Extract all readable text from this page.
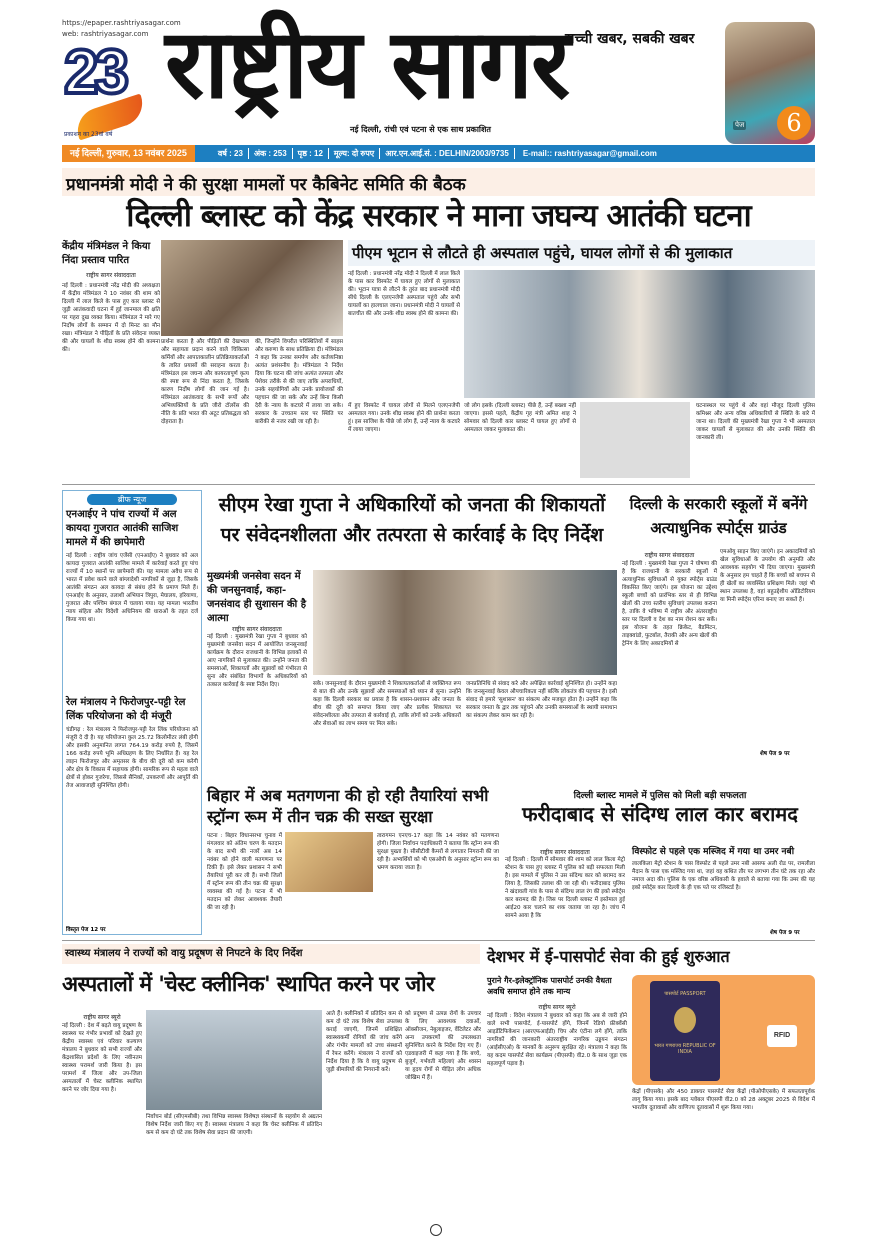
https://epaper.rashtriyasagar.com
web: rashtriyasagar.com
23
प्रकाशन का 23वां वर्ष
राष्ट्रीय सागर
सच्ची खबर, सबकी खबर
नई दिल्ली, रांची एवं पटना से एक साथ प्रकाशित	पेज	6
नई दिल्ली, गुरुवार, 13 नवंबर 2025	वर्ष : 23	अंक : 253	पृष्ठ : 12	मूल्य: दो रुपए	आर.एन.आई.सं. : DELHIN/2003/9735	E-mail:: rashtriyasagar@gmail.com
प्रधानमंत्री मोदी ने की सुरक्षा मामलों पर कैबिनेट समिति की बैठक
दिल्ली ब्लास्ट को केंद्र सरकार ने माना जघन्य आतंकी घटना
केंद्रीय मंत्रिमंडल ने किया निंदा प्रस्ताव पारित
राष्ट्रीय सागर संवाददाता
नई दिल्ली : प्रधानमंत्री नरेंद्र मोदी की अध्यक्षता में केंद्रीय मंत्रिमंडल ने 10 नवंबर की शाम को दिल्ली में लाल किले के पास हुए कार ब्लास्ट से जुड़ी आतंकवादी घटना में हुई जानमाल की क्षति पर गहरा दुख व्यक्त किया। मंत्रिमंडल ने मारे गए निर्दोष लोगों के सम्मान में दो मिनट का मौन रखा। मंत्रिमंडल ने पीड़ितों के प्रति संवेदना व्यक्त की और घायलों के शीघ्र स्वस्थ होने की कामना की।
प्रार्थना करता है और पीड़ितों की देखभाल और सहायता प्रदान करने वाले चिकित्सा कर्मियों और आपातकालीन प्रतिक्रियाकर्ताओं के त्वरित प्रयासों की सराहना करता है। मंत्रिमंडल इस जघन्य और कायरतापूर्ण कृत्य की स्पष्ट रूप से निंदा करता है, जिसके कारण निर्दोष लोगों की जान गई है। मंत्रिमंडल आतंकवाद के सभी रूपों और अभिव्यक्तियों के प्रति जीरो टॉलरेंस की नीति के प्रति भारत की अटूट प्रतिबद्धता को दोहराता है।
की, जिन्होंने विपरीत परिस्थितियों में साहस और करुणा के साथ प्रतिक्रिया दी। मंत्रिमंडल ने कहा कि उनका समर्पण और कर्तव्यनिष्ठा अत्यंत प्रशंसनीय है। मंत्रिमंडल ने निर्देश दिया कि घटना की जांच अत्यंत तत्परता और पेशेवर तरीके से की जाए ताकि अपराधियों, उनके सहयोगियों और उनके प्रायोजकों की पहचान की जा सके और उन्हें बिना किसी देरी के न्याय के कटघरे में लाया जा सके। सरकार के उच्चतम स्तर पर स्थिति पर बारीकी से नजर रखी जा रही है।
पीएम भूटान से लौटते ही अस्पताल पहुंचे, घायल लोगों से की मुलाकात
नई दिल्ली : प्रधानमंत्री नरेंद्र मोदी ने दिल्ली में लाल किले के पास कार विस्फोट में घायल हुए लोगों से मुलाकात की। भूटान यात्रा से लौटने के तुरंत बाद प्रधानमंत्री मोदी सीधे दिल्ली के एलएनजेपी अस्पताल पहुंचे और सभी घायलों का हालचाल जाना। प्रधानमंत्री मोदी ने घायलों से बातचीत की और उनके शीघ्र स्वस्थ होने की कामना की।
में हुए विस्फोट में घायल लोगों से मिलने एलएनजेपी अस्पताल गया। उनके शीघ्र स्वस्थ होने की प्रार्थना करता हूं। इस साजिश के पीछे जो लोग हैं, उन्हें न्याय के कटघरे में लाया जाएगा।
जो लोग इसके (दिल्ली ब्लास्ट) पीछे हैं, उन्हें बख्शा नहीं जाएगा। इससे पहले, केंद्रीय गृह मंत्री अमित शाह ने सोमवार को दिल्ली कार ब्लास्ट में घायल हुए लोगों से अस्पताल जाकर मुलाकात की।
घटनास्थल पर पहुंचे थे और वहां मौजूद दिल्ली पुलिस कमिश्नर और अन्य वरिष्ठ अधिकारियों से स्थिति के बारे में जाना था। दिल्ली की मुख्यमंत्री रेखा गुप्ता ने भी अस्पताल जाकर घायलों से मुलाकात की और उनकी स्थिति की जानकारी ली।
ब्रीफ न्यूज
एनआईए ने पांच राज्यों में अल कायदा गुजरात आतंकी साजिश मामले में की छापेमारी
नई दिल्ली : राष्ट्रीय जांच एजेंसी (एनआईए) ने बुधवार को अल कायदा गुजरात आतंकी साजिश मामले में कार्रवाई करते हुए पांच राज्यों में 10 स्थानों पर छापेमारी की। यह मामला अवैध रूप से भारत में प्रवेश करने वाले बांग्लादेशी नागरिकों से जुड़ा है, जिसके आतंकी संगठन अल कायदा से संबंध होने के प्रमाण मिले हैं। एनआईए के अनुसार, तलाशी अभियान त्रिपुरा, मेघालय, हरियाणा, गुजरात और पश्चिम बंगाल में चलाया गया। यह मामला भारतीय न्याय संहिता और विदेशी अधिनियम की धाराओं के तहत दर्ज किया गया था।
रेल मंत्रालय ने फिरोजपुर-पट्टी रेल लिंक परियोजना को दी मंजूरी
चंडीगढ़ : रेल मंत्रालय ने फिरोजपुर-पट्टी रेल लिंक परियोजना को मंजूरी दे दी है। यह परियोजना कुल 25.72 किलोमीटर लंबी होगी और इसकी अनुमानित लागत 764.19 करोड़ रुपये है, जिसमें 166 करोड़ रुपये भूमि अधिग्रहण के लिए निर्धारित हैं। यह रेल लाइन फिरोजपुर और अमृतसर के बीच की दूरी को कम करेगी और क्षेत्र के विकास में सहायक होगी। सामरिक रूप से महत्व वाले क्षेत्रों से होकर गुजरेगा, जिससे सैनिकों, उपकरणों और आपूर्ति की तेज आवाजाही सुनिश्चित होगी।
विस्तृत पेज 12 पर
सीएम रेखा गुप्ता ने अधिकारियों को जनता की शिकायतों पर संवेदनशीलता और तत्परता से कार्रवाई के दिए निर्देश
मुख्यमंत्री जनसेवा सदन में की जनसुनवाई, कहा-जनसंवाद ही सुशासन की है आत्मा
राष्ट्रीय सागर संवाददाता
नई दिल्ली : मुख्यमंत्री रेखा गुप्ता ने बुधवार को मुख्यमंत्री जनसेवा सदन में आयोजित जनसुनवाई कार्यक्रम के दौरान राजधानी के विभिन्न इलाकों से आए नागरिकों से मुलाकात की। उन्होंने जनता की समस्याओं, शिकायतों और सुझावों को गंभीरता से सुना और संबंधित विभागों के अधिकारियों को तत्काल कार्रवाई के स्पष्ट निर्देश दिए।	सके। जनसुनवाई के दौरान मुख्यमंत्री ने शिकायतकर्ताओं से व्यक्तिगत रूप से बात की और उनके सुझावों और समस्याओं को ध्यान से सुना। उन्होंने कहा कि दिल्ली सरकार का प्रयास है कि शासन-प्रशासन और जनता के बीच की दूरी को समाप्त किया जाए और प्रत्येक शिकायत पर संवेदनशीलता और तत्परता से कार्रवाई हो, ताकि लोगों को उनके अधिकारों और सेवाओं का लाभ समय पर मिल सके।
जनप्रतिनिधि से संवाद करे और अपेक्षित कार्रवाई सुनिश्चित हो। उन्होंने कहा कि जनसुनवाई केवल औपचारिकता नहीं बल्कि लोकतंत्र की पहचान है। इसी संवाद से हमारे 'सुशासन' का संकल्प और मजबूत होता है। उन्होंने कहा कि सरकार जनता के द्वार तक पहुंचने और उनकी समस्याओं के स्थायी समाधान का संकल्प लेकर काम कर रही है।
दिल्ली के सरकारी स्कूलों में बनेंगे अत्याधुनिक स्पोर्ट्स ग्राउंड
राष्ट्रीय सागर संवाददाता
नई दिल्ली : मुख्यमंत्री रेखा गुप्ता ने घोषणा की है कि राजधानी के सरकारी स्कूलों में अत्याधुनिक सुविधाओं से युक्त स्पोर्ट्स ग्राउंड विकसित किए जाएंगे। इस योजना का उद्देश्य स्कूली बच्चों को प्रारंभिक स्तर से ही विभिन्न खेलों की उच्च स्तरीय सुविधाएं उपलब्ध कराना है, ताकि वे भविष्य में राष्ट्रीय और अंतरराष्ट्रीय स्तर पर दिल्ली व देश का नाम रोशन कर सकें। इस योजना के तहत क्रिकेट, बैडमिंटन, ताइक्वांडो, फुटबॉल, तैराकी और अन्य खेलों की ट्रेनिंग के लिए अकादमियों से
एमओयू साइन किए जाएंगे। इन अकादमियों को खेल सुविधाओं के उपयोग की अनुमति और आवश्यक सहयोग भी दिया जाएगा। मुख्यमंत्री के अनुसार हम चाहते हैं कि बच्चों को बचपन से ही खेलों का व्यवस्थित प्रशिक्षण मिले। जहां भी स्थान उपलब्ध है, वहां बहुउद्देशीय ऑडिटोरियम या मिनी स्पोर्ट्स एरिना बनाए जा सकते हैं।
शेष पेज 9 पर
बिहार में अब मतगणना की हो रही तैयारियां सभी स्ट्रॉन्ग रूम में तीन चक्र की सख्त सुरक्षा
पटना : बिहार विधानसभा चुनाव में मंगलवार को अंतिम चरण के मतदान के बाद सभी की नजरें अब 14 नवंबर को होने वाली मतगणना पर टिकी हैं। इसे लेकर प्रशासन ने सभी तैयारियां पूरी कर ली हैं। सभी जिलों में स्ट्रॉन्ग रूम की तीन चक्र की सुरक्षा व्यवस्था की गई है। पटना में भी मतदान को लेकर आवश्यक तैयारी की जा रही है।
त्वरागमन एनएच-17 कहा कि 14 नवंबर को मतगणना होगी। जिला निर्वाचन पदाधिकारी ने बताया कि स्ट्रॉन्ग रूम की सुरक्षा पुख्ता है। सीसीटीवी कैमरों से लगातार निगरानी की जा रही है। अभ्यर्थियों को भी एसओपी के अनुसार स्ट्रॉन्ग रूम का भ्रमण कराया जाता है।
दिल्ली ब्लास्ट मामले में पुलिस को मिली बड़ी सफलता
फरीदाबाद से संदिग्ध लाल कार बरामद
राष्ट्रीय सागर संवाददाता
नई दिल्ली : दिल्ली में सोमवार की शाम को लाल किला मेट्रो स्टेशन के पास हुए ब्लास्ट में पुलिस को बड़ी सफलता मिली है। इस मामले में पुलिस ने उस संदिग्ध कार को बरामद कर लिया है, जिसकी तलाश की जा रही थी। फरीदाबाद पुलिस ने खंदावली गांव के पास से संदिग्ध लाल रंग की इको स्पोर्ट्स कार बरामद की है। जिस पर दिल्ली ब्लास्ट में इस्तेमाल हुई आई20 कार चलाने का शक जताया जा रहा है। जांच में सामने आया है कि
विस्फोट से पहले एक मस्जिद में गया था उमर नबी
लालकिला मेट्रो स्टेशन के पास विस्फोट से पहले उमर नबी आसफ अली रोड पर, रामलीला मैदान के पास एक मस्जिद गया था, जहां वह कथित तौर पर लगभग तीन घंटे तक रहा और नमाज अदा की। पुलिस के एक वरिष्ठ अधिकारी के हवाले से बताया गया कि उमर की यह इको स्पोर्ट्स कार दिल्ली के ही एक पते पर रजिस्टर्ड है।
शेष पेज 9 पर
स्वास्थ्य मंत्रालय ने राज्यों को वायु प्रदूषण से निपटने के दिए निर्देश
अस्पतालों में 'चेस्ट क्लीनिक' स्थापित करने पर जोर
राष्ट्रीय सागर ब्यूरो
नई दिल्ली : देश में बढ़ते वायु प्रदूषण के स्वास्थ्य पर गंभीर प्रभावों को देखते हुए केंद्रीय स्वास्थ्य एवं परिवार कल्याण मंत्रालय ने बुधवार को सभी राज्यों और केंद्रशासित प्रदेशों के लिए नवीनतम स्वास्थ्य परामर्श जारी किया है। इस परामर्श में जिला और उप-जिला अस्पतालों में चेस्ट क्लीनिक स्थापित करने पर जोर दिया गया है।
निर्वाचन बोर्ड (सीएमसीबी) तथा विभिन्न स्वास्थ्य विशेषज्ञ संस्थानों के सहयोग से अद्यतन विशेष निर्देश जारी किए गए हैं। स्वास्थ्य मंत्रालय ने कहा कि चेस्ट क्लीनिक में प्रतिदिन कम से कम दो घंटे तक विशेष सेवा प्रदान की जाएगी।
आते हैं। क्लीनिकों में प्रतिदिन कम से कम दो घंटे तक विशेष सेवा उपलब्ध कराई जाएगी, जिनमें प्रशिक्षित स्वास्थ्यकर्मी रोगियों की जांच करेंगे और गंभीर मामलों को उच्च संस्थानों में रेफर करेंगे। मंत्रालय ने राज्यों को निर्देश दिया है कि वे वायु प्रदूषण से जुड़ी बीमारियों की निगरानी करें।
को प्रदूषण से उत्पन्न रोगों के उपचार के लिए आवश्यक दवाओं, ऑक्सीजन, नेबुलाइजर, वेंटिलेटर और अन्य उपकरणों की उपलब्धता सुनिश्चित करने के निर्देश दिए गए हैं। एडवाइजरी में कहा गया है कि बच्चे, बुजुर्ग, गर्भवती महिलाएं और श्वसन या हृदय रोगों से पीड़ित लोग अधिक जोखिम में हैं।
देशभर में ई-पासपोर्ट सेवा की हुई शुरुआत
पुराने गैर-इलेक्ट्रॉनिक पासपोर्ट उनकी वैधता अवधि समाप्त होने तक मान्य
राष्ट्रीय सागर ब्यूरो
नई दिल्ली : विदेश मंत्रालय ने बुधवार को कहा कि अब से जारी होने वाले सभी पासपोर्ट, ई-पासपोर्ट होंगे, जिनमें रेडियो फ्रीक्वेंसी आइडेंटिफिकेशन (आरएफआईडी) चिप और एंटीना लगे होंगे, ताकि नागरिकों की जानकारी अंतरराष्ट्रीय नागरिक उड्डयन संगठन (आईसीएओ) के मानकों के अनुरूप सुरक्षित रहे। मंत्रालय ने कहा कि यह कदम पासपोर्ट सेवा कार्यक्रम (पीएसपी) वी2.0 के साथ जुड़ा एक महत्वपूर्ण पड़ाव है।
पासपोर्ट PASSPORT
भारत गणराज्य REPUBLIC OF INDIA
RFID
केंद्रों (पीएसके) और 450 डाकघर पासपोर्ट सेवा केंद्रों (पीओपीएसके) में सफलतापूर्वक लागू किया गया। इसके बाद ग्लोबल पीएसपी वी2.0 को 28 अक्टूबर 2025 से विदेश में भारतीय दूतावासों और वाणिज्य दूतावासों में शुरू किया गया।
